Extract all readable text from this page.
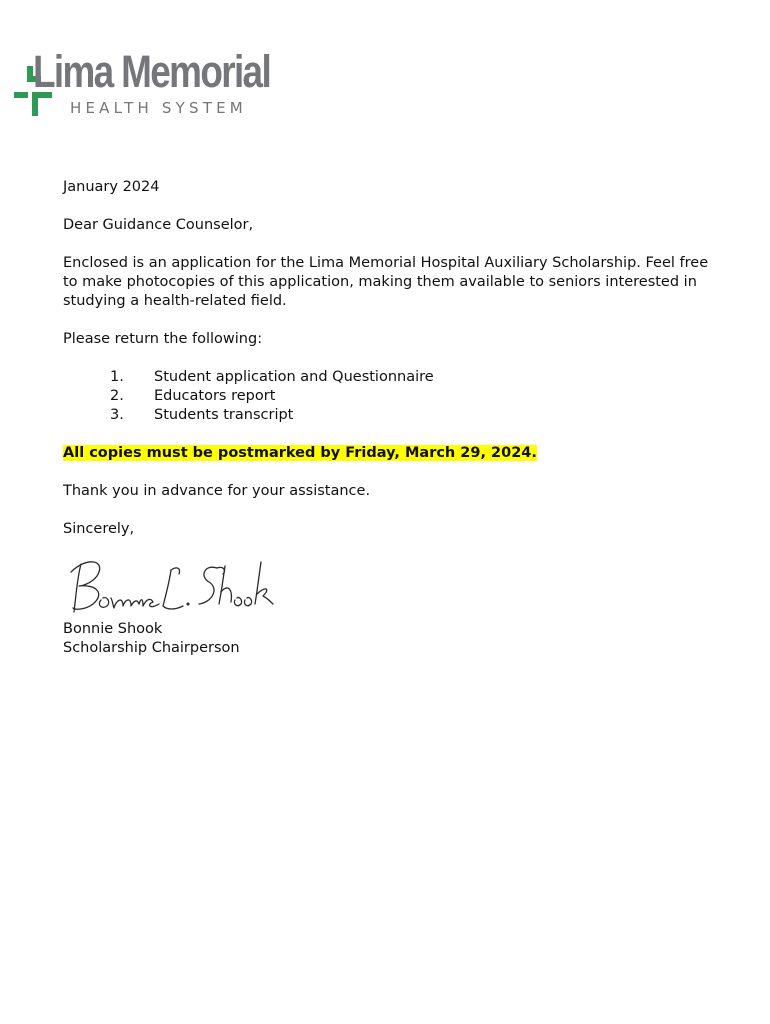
Lima Memorial
HEALTH SYSTEM

January 2024

Dear Guidance Counselor,

Enclosed is an application for the Lima Memorial Hospital Auxiliary Scholarship. Feel free to make photocopies of this application, making them available to seniors interested in studying a health-related field.

Please return the following:

1. Student application and Questionnaire
2. Educators report
3. Students transcript

All copies must be postmarked by Friday, March 29, 2024.

Thank you in advance for your assistance.

Sincerely,

Bonnie Shook
Scholarship Chairperson
